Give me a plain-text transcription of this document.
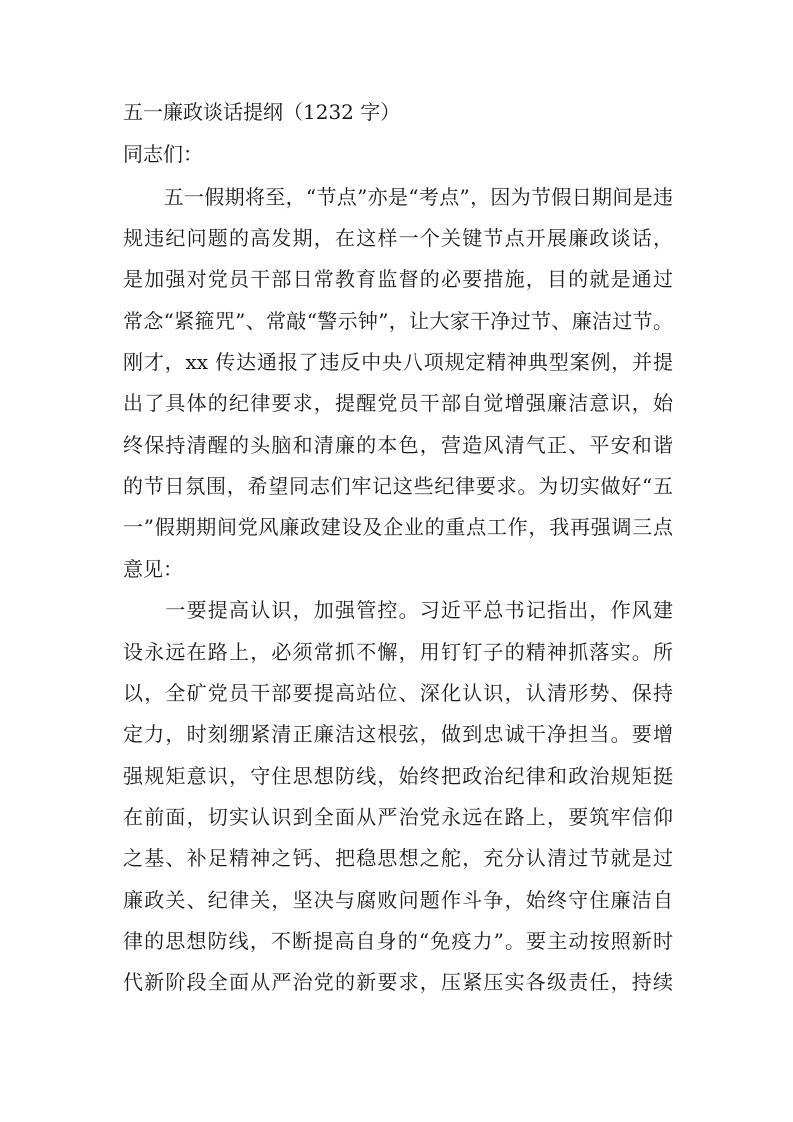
五一廉政谈话提纲（1232 字）
同志们：
　　五一假期将至，“节点”亦是“考点”，因为节假日期间是违
规违纪问题的高发期，在这样一个关键节点开展廉政谈话，
是加强对党员干部日常教育监督的必要措施，目的就是通过
常念“紧箍咒”、常敲“警示钟”，让大家干净过节、廉洁过节。
刚才，xx 传达通报了违反中央八项规定精神典型案例，并提
出了具体的纪律要求，提醒党员干部自觉增强廉洁意识，始
终保持清醒的头脑和清廉的本色，营造风清气正、平安和谐
的节日氛围，希望同志们牢记这些纪律要求。为切实做好“五
一”假期期间党风廉政建设及企业的重点工作，我再强调三点
意见：
　　一要提高认识，加强管控。习近平总书记指出，作风建
设永远在路上，必须常抓不懈，用钉钉子的精神抓落实。所
以，全矿党员干部要提高站位、深化认识，认清形势、保持
定力，时刻绷紧清正廉洁这根弦，做到忠诚干净担当。要增
强规矩意识，守住思想防线，始终把政治纪律和政治规矩挺
在前面，切实认识到全面从严治党永远在路上，要筑牢信仰
之基、补足精神之钙、把稳思想之舵，充分认清过节就是过
廉政关、纪律关，坚决与腐败问题作斗争，始终守住廉洁自
律的思想防线，不断提高自身的“免疫力”。要主动按照新时
代新阶段全面从严治党的新要求，压紧压实各级责任，持续
